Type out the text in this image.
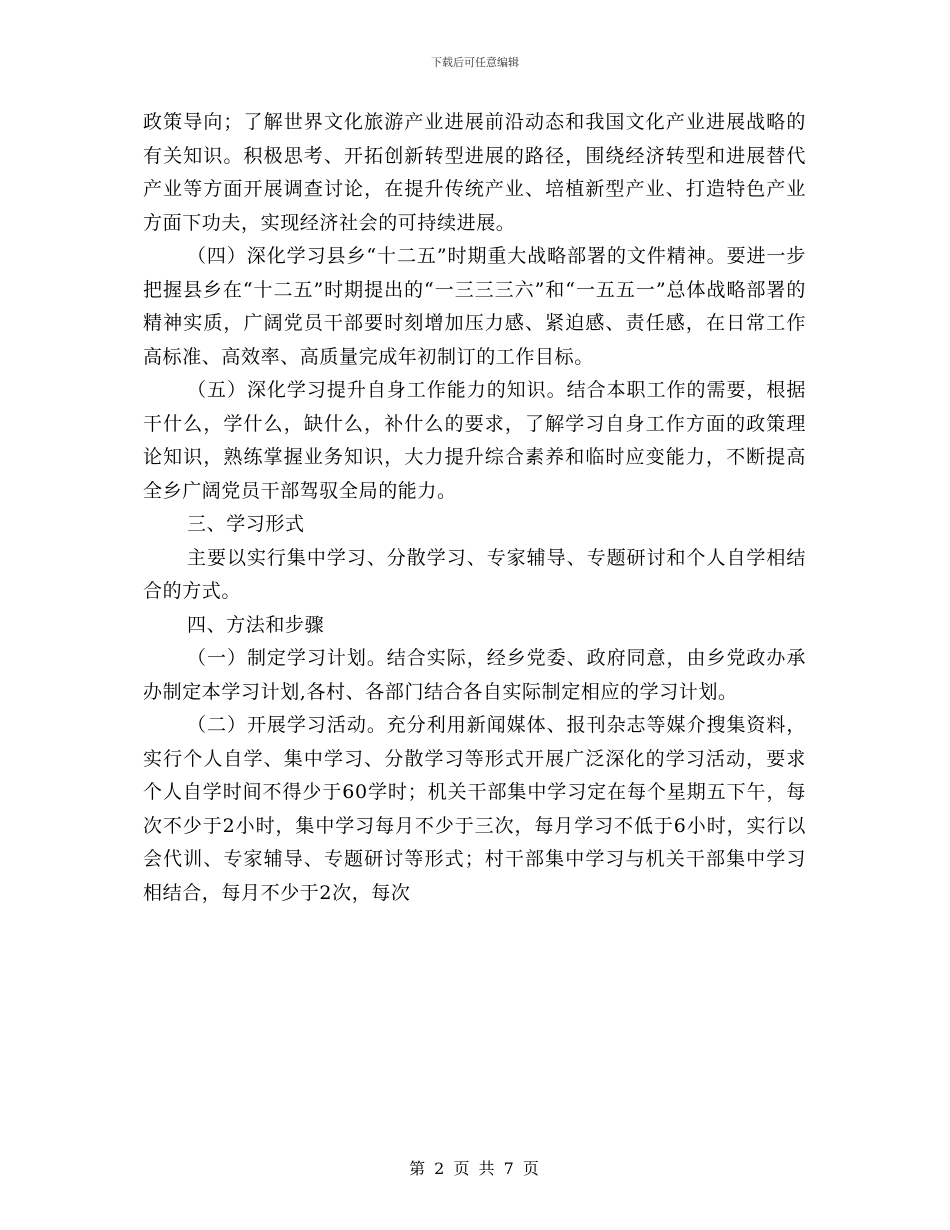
下载后可任意编辑

政策导向；了解世界文化旅游产业进展前沿动态和我国文化产业进展战略的有关知识。积极思考、开拓创新转型进展的路径，围绕经济转型和进展替代产业等方面开展调查讨论，在提升传统产业、培植新型产业、打造特色产业方面下功夫，实现经济社会的可持续进展。

（四）深化学习县乡“十二五”时期重大战略部署的文件精神。要进一步把握县乡在“十二五”时期提出的“一三三三六”和“一五五一”总体战略部署的精神实质，广阔党员干部要时刻增加压力感、紧迫感、责任感，在日常工作高标准、高效率、高质量完成年初制订的工作目标。

（五）深化学习提升自身工作能力的知识。结合本职工作的需要，根据干什么，学什么，缺什么，补什么的要求，了解学习自身工作方面的政策理论知识，熟练掌握业务知识，大力提升综合素养和临时应变能力，不断提高全乡广阔党员干部驾驭全局的能力。

三、学习形式

主要以实行集中学习、分散学习、专家辅导、专题研讨和个人自学相结合的方式。

四、方法和步骤

（一）制定学习计划。结合实际，经乡党委、政府同意，由乡党政办承办制定本学习计划,各村、各部门结合各自实际制定相应的学习计划。

（二）开展学习活动。充分利用新闻媒体、报刊杂志等媒介搜集资料，实行个人自学、集中学习、分散学习等形式开展广泛深化的学习活动，要求个人自学时间不得少于60学时；机关干部集中学习定在每个星期五下午，每次不少于2小时，集中学习每月不少于三次，每月学习不低于6小时，实行以会代训、专家辅导、专题研讨等形式；村干部集中学习与机关干部集中学习相结合，每月不少于2次，每次

第 2 页 共 7 页
